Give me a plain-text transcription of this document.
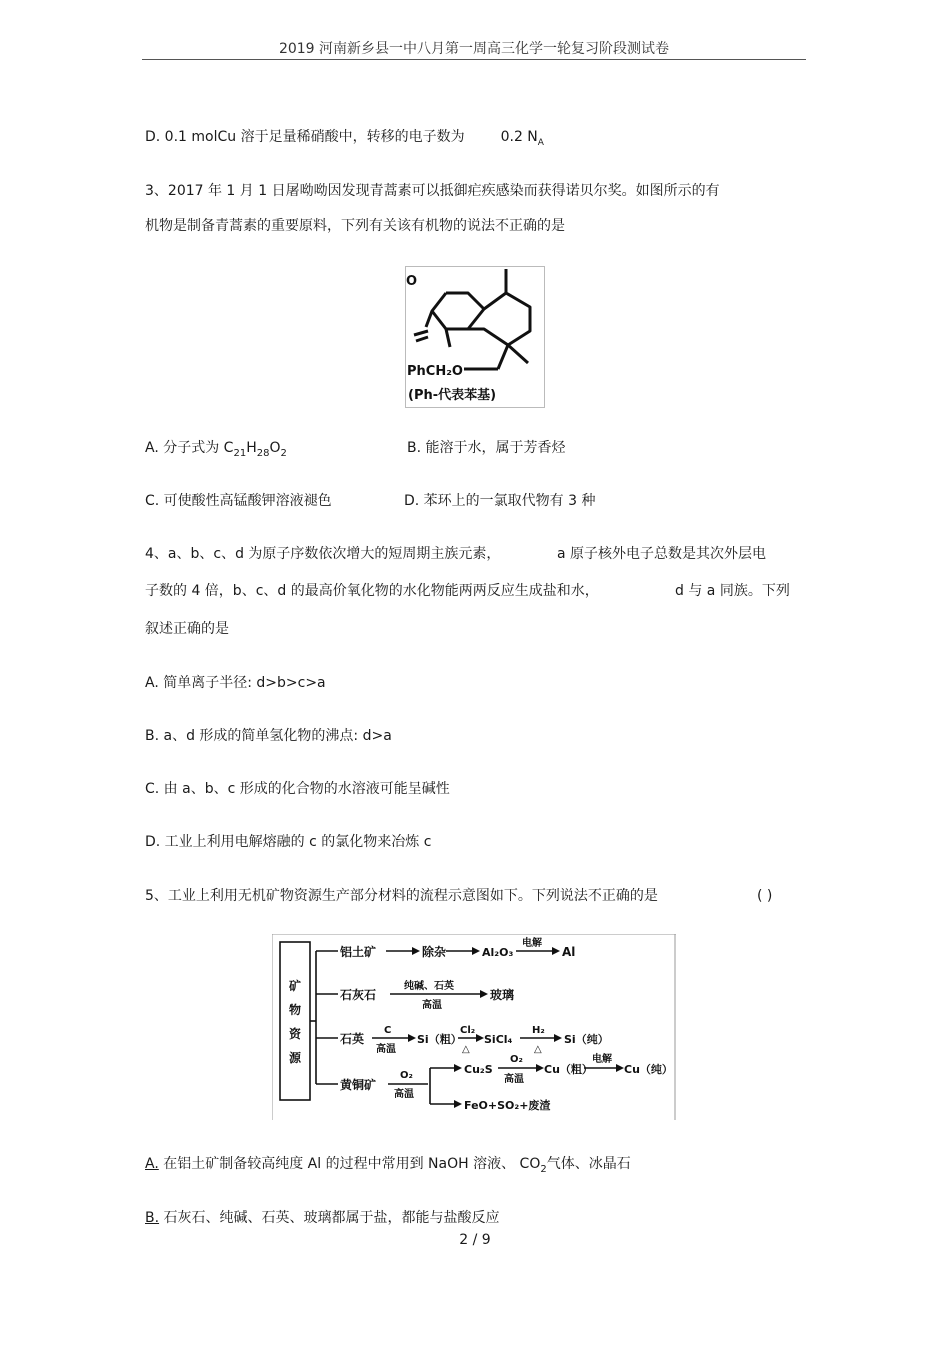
2019 河南新乡县一中八月第一周高三化学一轮复习阶段测试卷
D. 0.1 molCu 溶于足量稀硝酸中，转移的电子数为	0.2 $N_A$
3、2017 年 1 月 1 日屠呦呦因发现青蒿素可以抵御疟疾感染而获得诺贝尔奖。如图所示的有
机物是制备青蒿素的重要原料，下列有关该有机物的说法不正确的是
O
PhCH₂O
(Ph-代表苯基)
A. 分子式为 $C_{21}H_{28}O_2$	B. 能溶于水，属于芳香烃
C. 可使酸性高锰酸钾溶液褪色	D. 苯环上的一氯取代物有 3 种
4、a、b、c、d 为原子序数依次增大的短周期主族元素，	a 原子核外电子总数是其次外层电
子数的 4 倍，b、c、d 的最高价氧化物的水化物能两两反应生成盐和水，	d 与 a 同族。下列
叙述正确的是
A. 简单离子半径: d>b>c>a
B. a、d 形成的简单氢化物的沸点: d>a
C. 由 a、b、c 形成的化合物的水溶液可能呈碱性
D. 工业上利用电解熔融的 c 的氯化物来冶炼 c
5、工业上利用无机矿物资源生产部分材料的流程示意图如下。下列说法不正确的是	( )
矿
物
资
源
铝土矿	除杂	Al₂O₃
电解
Al
石灰石
纯碱、石英
高温
玻璃
石英
C
高温
Si（粗）
Cl₂
△
SiCl₄
H₂
△
Si（纯）
黄铜矿
O₂
高温
Cu₂S
O₂
高温
Cu（粗）
电解
Cu（纯）
FeO+SO₂+废渣
A. 在铝土矿制备较高纯度 Al 的过程中常用到 NaOH 溶液、 $CO_2$气体、冰晶石
B. 石灰石、纯碱、石英、玻璃都属于盐，都能与盐酸反应
2 / 9
